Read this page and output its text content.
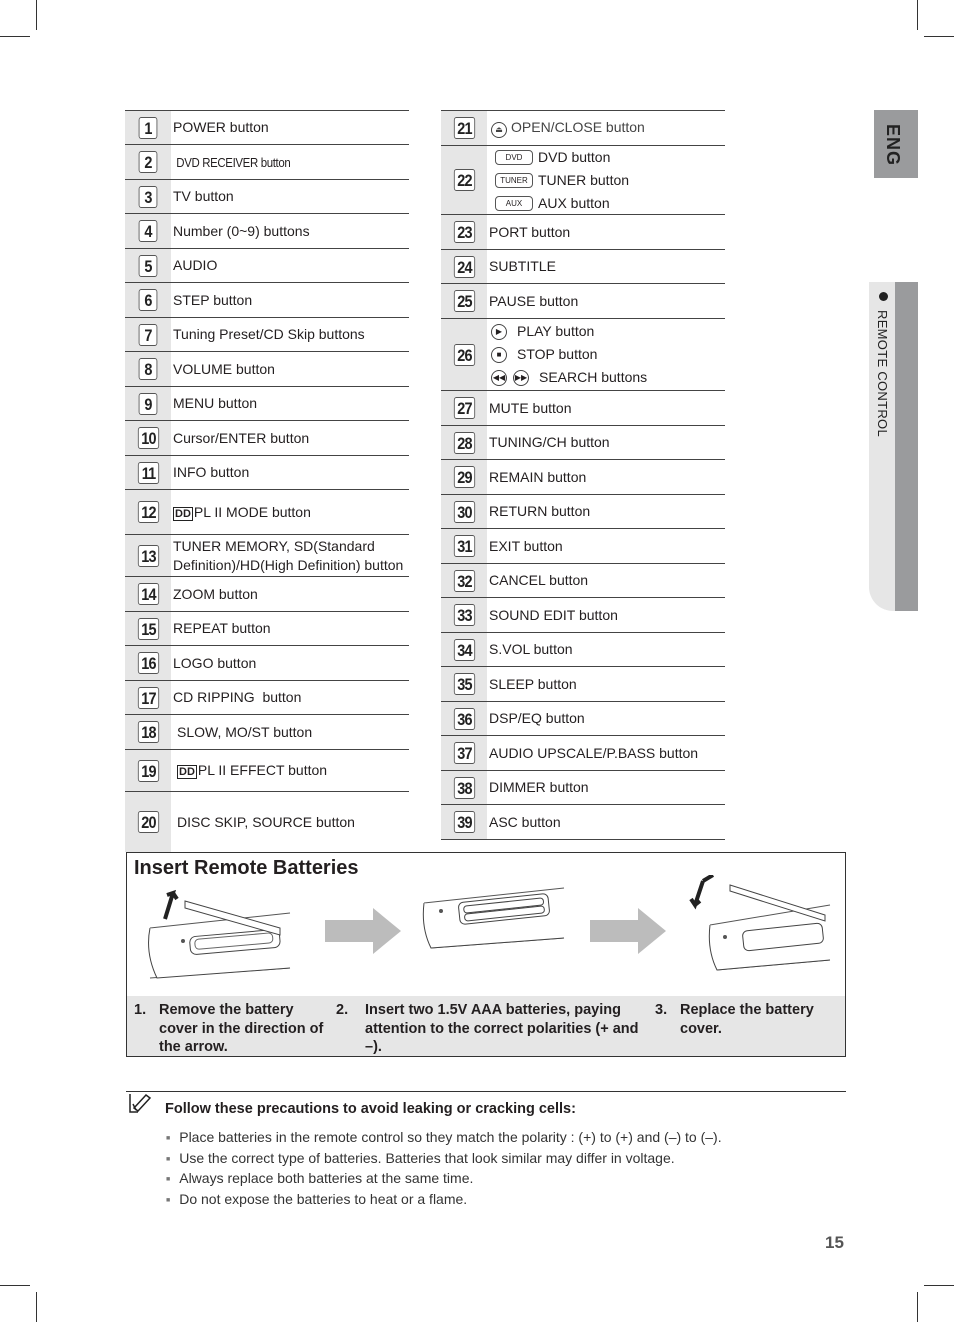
ENG
REMOTE CONTROL
1	POWER button
2	DVD RECEIVER button
3	TV button
4	Number (0~9) buttons
5	AUDIO
6	STEP button
7	Tuning Preset/CD Skip buttons
8	VOLUME button
9	MENU button
10 Cursor/ENTER button
11 INFO button
12	DD PL II MODE button
13
TUNER MEMORY, SD(Standard Definition)/HD(High Definition) button
14 ZOOM button
15 REPEAT button
16 LOGO button
17 CD RIPPING  button
18	SLOW, MO/ST button
19	DD PL II EFFECT button
20	DISC SKIP, SOURCE button
21	⏏ OPEN/CLOSE button
22
DVD	DVD button
TUNER TUNER button
AUX	AUX button
23 PORT button
24 SUBTITLE
25 PAUSE button
26
▶	PLAY button
■	STOP button
◀◀ ▶▶ SEARCH buttons
27 MUTE button
28 TUNING/CH button
29 REMAIN button
30 RETURN button
31 EXIT button
32 CANCEL button
33 SOUND EDIT button
34 S.VOL button
35 SLEEP button
36 DSP/EQ button
37 AUDIO UPSCALE/P.BASS button
38 DIMMER button
39 ASC button
Insert Remote Batteries
1. Remove the battery cover in the direction of the arrow.
2.	Insert two 1.5V AAA batteries, paying attention to the correct polarities (+ and –).
3. Replace the battery cover.
Follow these precautions to avoid leaking or cracking cells:
■ Place batteries in the remote control so they match the polarity : (+) to (+) and (–) to (–).
■ Use the correct type of batteries. Batteries that look similar may differ in voltage.
■ Always replace both batteries at the same time.
■ Do not expose the batteries to heat or a flame.
15
